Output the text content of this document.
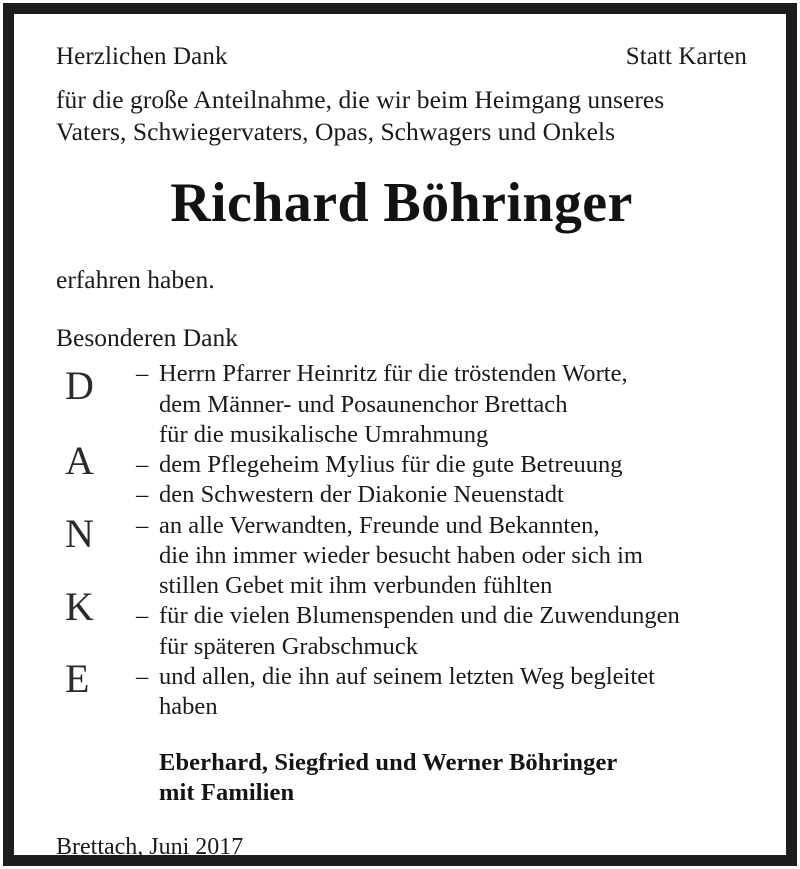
Herzlichen Dank	Statt Karten
für die große Anteilnahme, die wir beim Heimgang unseres
Vaters, Schwiegervaters, Opas, Schwagers und Onkels
Richard Böhringer
erfahren haben.
Besonderen Dank
D
A
N
K
E
– Herrn Pfarrer Heinritz für die tröstenden Worte,
dem Männer- und Posaunenchor Brettach
für die musikalische Umrahmung
– dem Pflegeheim Mylius für die gute Betreuung
– den Schwestern der Diakonie Neuenstadt
– an alle Verwandten, Freunde und Bekannten,
die ihn immer wieder besucht haben oder sich im
stillen Gebet mit ihm verbunden fühlten
– für die vielen Blumenspenden und die Zuwendungen
für späteren Grabschmuck
– und allen, die ihn auf seinem letzten Weg begleitet
haben
Eberhard, Siegfried und Werner Böhringer
mit Familien
Brettach, Juni 2017
